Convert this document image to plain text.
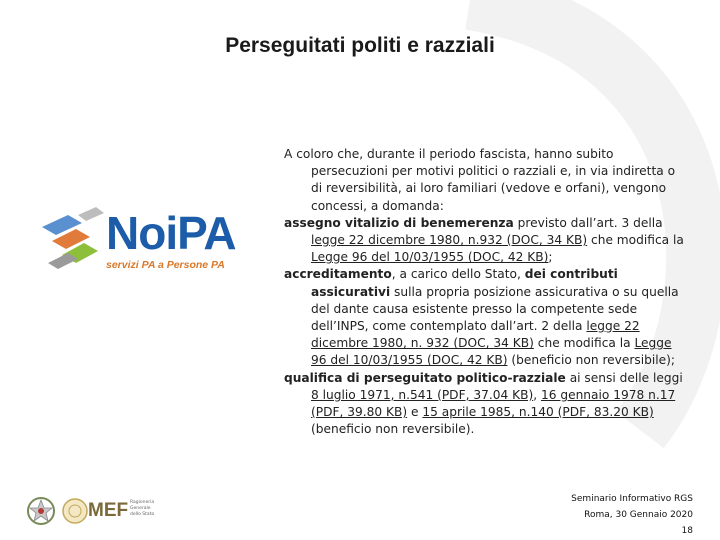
Perseguitati politi e razziali
NoiPA
servizi PA a Persone PA

A coloro che, durante il periodo fascista, hanno subito persecuzioni per motivi politici o razziali e, in via indiretta o di reversibilità, ai loro familiari (vedove e orfani), vengono concessi, a domanda:

assegno vitalizio di benemerenza previsto dall’art. 3 della legge 22 dicembre 1980, n.932 (DOC, 34 KB) che modifica la Legge 96 del 10/03/1955 (DOC, 42 KB);

accreditamento, a carico dello Stato, dei contributi assicurativi sulla propria posizione assicurativa o su quella del dante causa esistente presso la competente sede dell’INPS, come contemplato dall’art. 2 della legge 22 dicembre 1980, n. 932 (DOC, 34 KB) che modifica la Legge 96 del 10/03/1955 (DOC, 42 KB) (beneficio non reversibile);

qualifica di perseguitato politico-razziale ai sensi delle leggi 8 luglio 1971, n.541 (PDF, 37.04 KB), 16 gennaio 1978 n.17 (PDF, 39.80 KB) e 15 aprile 1985, n.140 (PDF, 83.20 KB) (beneficio non reversibile).

MEF Ragioneria Generale dello Stato
Seminario Informativo RGS
Roma, 30 Gennaio 2020
18
